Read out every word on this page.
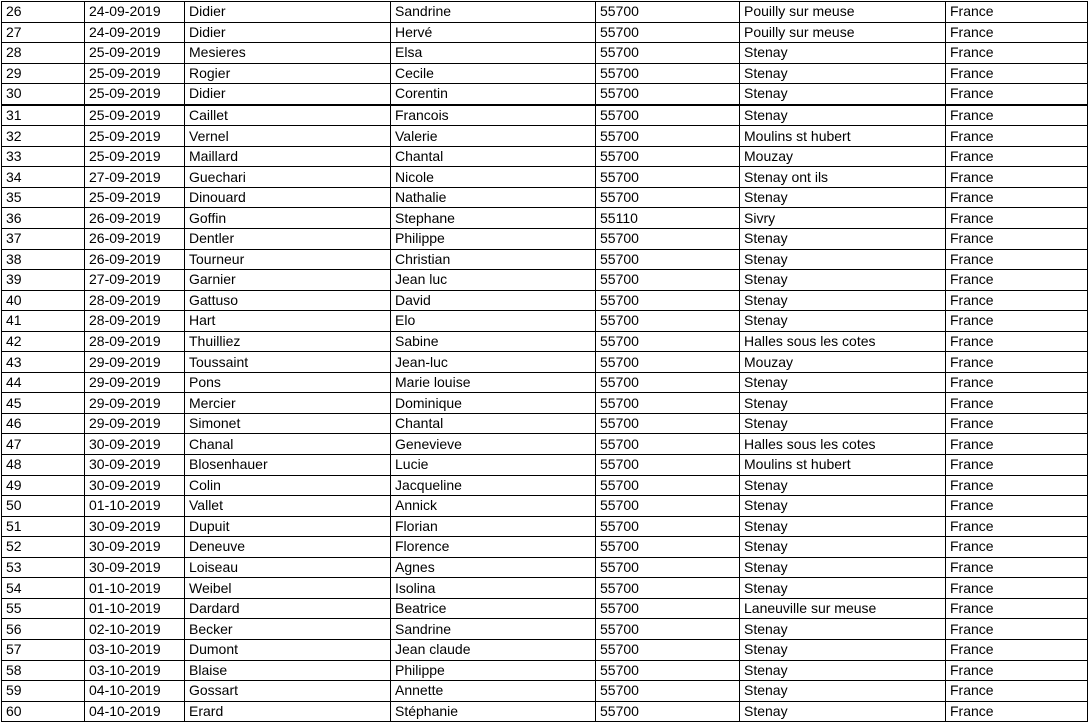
26	24-09-2019	Didier	Sandrine	55700	Pouilly sur meuse	France
27	24-09-2019	Didier	Hervé	55700	Pouilly sur meuse	France
28	25-09-2019	Mesieres	Elsa	55700	Stenay	France
29	25-09-2019	Rogier	Cecile	55700	Stenay	France
30	25-09-2019	Didier	Corentin	55700	Stenay	France
31	25-09-2019	Caillet	Francois	55700	Stenay	France
32	25-09-2019	Vernel	Valerie	55700	Moulins st hubert	France
33	25-09-2019	Maillard	Chantal	55700	Mouzay	France
34	27-09-2019	Guechari	Nicole	55700	Stenay ont ils	France
35	25-09-2019	Dinouard	Nathalie	55700	Stenay	France
36	26-09-2019	Goffin	Stephane	55110	Sivry	France
37	26-09-2019	Dentler	Philippe	55700	Stenay	France
38	26-09-2019	Tourneur	Christian	55700	Stenay	France
39	27-09-2019	Garnier	Jean luc	55700	Stenay	France
40	28-09-2019	Gattuso	David	55700	Stenay	France
41	28-09-2019	Hart	Elo	55700	Stenay	France
42	28-09-2019	Thuilliez	Sabine	55700	Halles sous les cotes	France
43	29-09-2019	Toussaint	Jean-luc	55700	Mouzay	France
44	29-09-2019	Pons	Marie louise	55700	Stenay	France
45	29-09-2019	Mercier	Dominique	55700	Stenay	France
46	29-09-2019	Simonet	Chantal	55700	Stenay	France
47	30-09-2019	Chanal	Genevieve	55700	Halles sous les cotes	France
48	30-09-2019	Blosenhauer	Lucie	55700	Moulins st hubert	France
49	30-09-2019	Colin	Jacqueline	55700	Stenay	France
50	01-10-2019	Vallet	Annick	55700	Stenay	France
51	30-09-2019	Dupuit	Florian	55700	Stenay	France
52	30-09-2019	Deneuve	Florence	55700	Stenay	France
53	30-09-2019	Loiseau	Agnes	55700	Stenay	France
54	01-10-2019	Weibel	Isolina	55700	Stenay	France
55	01-10-2019	Dardard	Beatrice	55700	Laneuville sur meuse	France
56	02-10-2019	Becker	Sandrine	55700	Stenay	France
57	03-10-2019	Dumont	Jean claude	55700	Stenay	France
58	03-10-2019	Blaise	Philippe	55700	Stenay	France
59	04-10-2019	Gossart	Annette	55700	Stenay	France
60	04-10-2019	Erard	Stéphanie	55700	Stenay	France
